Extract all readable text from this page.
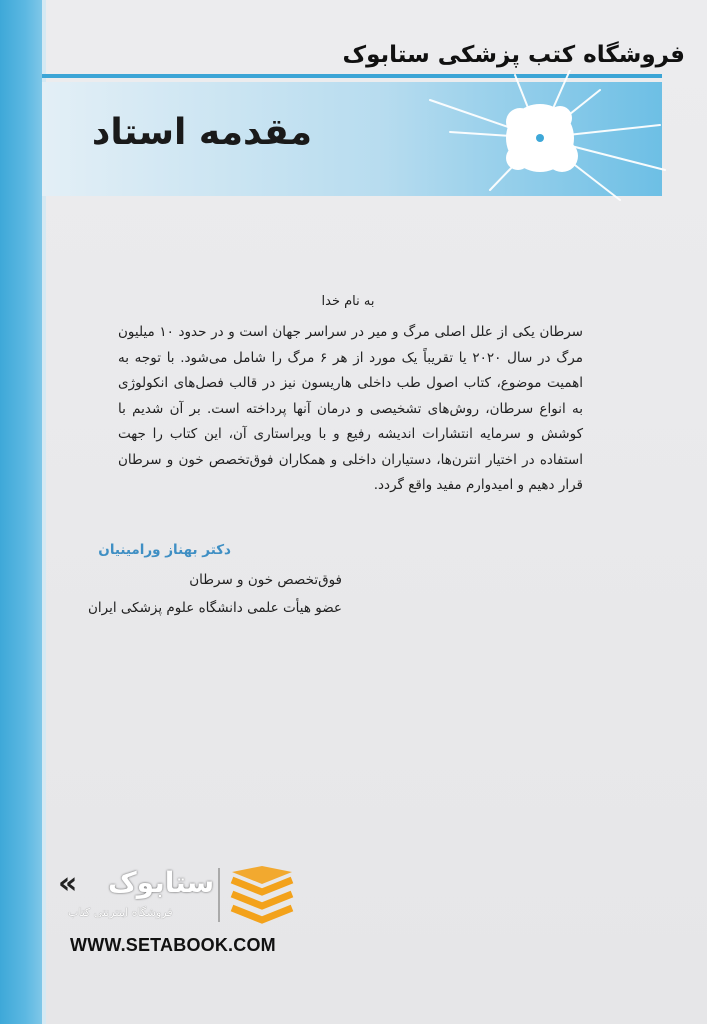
فروشگاه کتب پزشکی ستابوک
مقدمه استاد
به نام خدا
سرطان یکی از علل اصلی مرگ و میر در سراسر جهان است و در حدود ۱۰ میلیون مرگ در سال ۲۰۲۰ یا تقریباً یک مورد از هر ۶ مرگ را شامل می‌شود. با توجه به اهمیت موضوع، کتاب اصول طب داخلی هاریسون نیز در قالب فصل‌های انکولوژی به انواع سرطان، روش‌های تشخیصی و درمان آنها پرداخته است. بر آن شدیم با کوشش و سرمایه انتشارات اندیشه رفیع و با ویراستاری آن، این کتاب را جهت استفاده در اختیار انترن‌ها، دستیاران داخلی و همکاران فوق‌تخصص خون و سرطان قرار دهیم و امیدوارم مفید واقع گردد.
دکتر بهناز ورامینیان
فوق‌تخصص خون و سرطان
عضو هیأت علمی دانشگاه علوم پزشکی ایران
« ستابوک
فروشگاه اینترنتی کتاب
WWW.SETABOOK.COM
